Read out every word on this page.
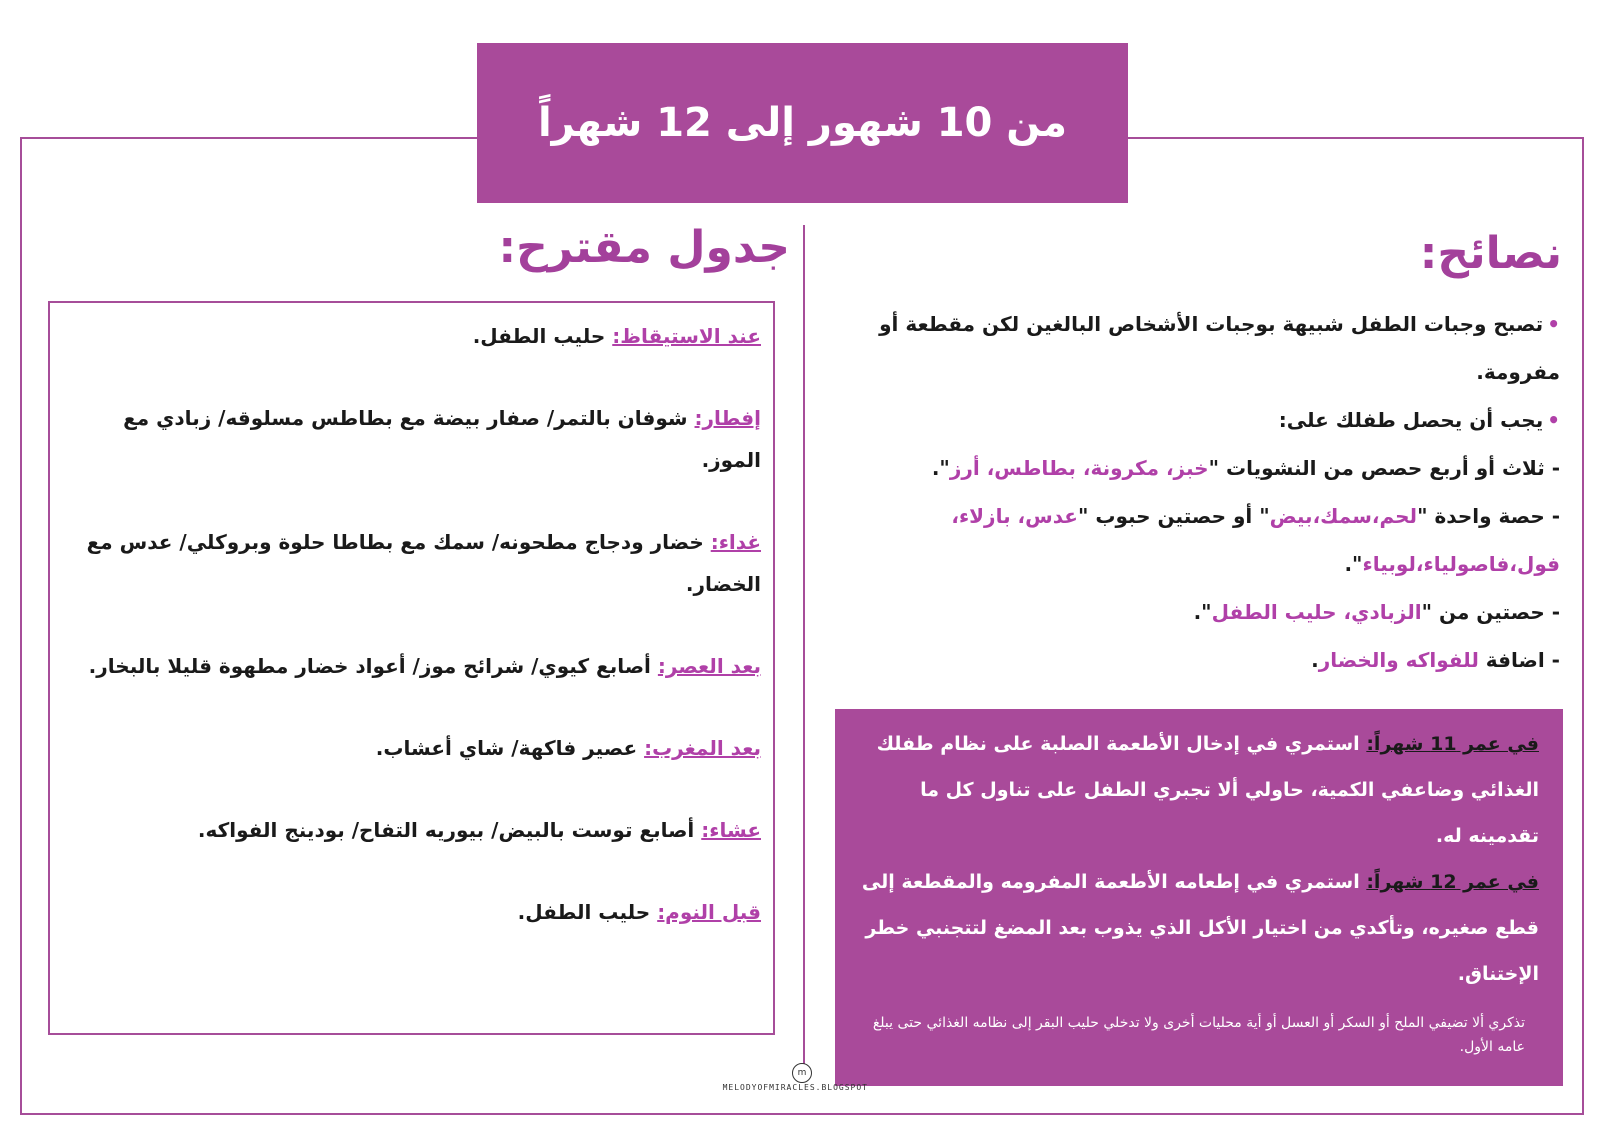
من 10 شهور إلى 12 شهراً
نصائح:

•تصبح وجبات الطفل شبيهة بوجبات الأشخاص البالغين لكن مقطعة أو مفرومة.

•يجب أن يحصل طفلك على:

- ثلاث أو أربع حصص من النشويات "خبز، مكرونة، بطاطس، أرز".

- حصة واحدة "لحم،سمك،بيض" أو حصتين حبوب "عدس، بازلاء، فول،فاصولياء،لوبياء".

- حصتين من "الزبادي، حليب الطفل".

- اضافة للفواكه والخضار.

في عمر 11 شهراً: استمري في إدخال الأطعمة الصلبة على نظام طفلك الغذائي وضاعفي الكمية، حاولي ألا تجبري الطفل على تناول كل ما تقدمينه له.

في عمر 12 شهراً: استمري في إطعامه الأطعمة المفرومه والمقطعة إلى قطع صغيره، وتأكدي من اختيار الأكل الذي يذوب بعد المضغ لتتجنبي خطر الإختناق.

تذكري ألا تضيفي الملح أو السكر أو العسل أو أية محليات أخرى ولا تدخلي حليب البقر إلى نظامه الغذائي حتى يبلغ عامه الأول.

جدول مقترح:

عند الاستيقاظ: حليب الطفل.

إفطار: شوفان بالتمر/ صفار بيضة مع بطاطس مسلوقه/ زبادي مع الموز.

غداء: خضار ودجاج مطحونه/ سمك مع بطاطا حلوة وبروكلي/ عدس مع الخضار.

بعد العصر: أصابع كيوي/ شرائح موز/ أعواد خضار مطهوة قليلا بالبخار.

بعد المغرب: عصير فاكهة/ شاي أعشاب.

عشاء: أصابع توست بالبيض/ بيوريه التفاح/ بودينج الفواكه.

قبل النوم: حليب الطفل.

m
MELODYOFMIRACLES.BLOGSPOT
